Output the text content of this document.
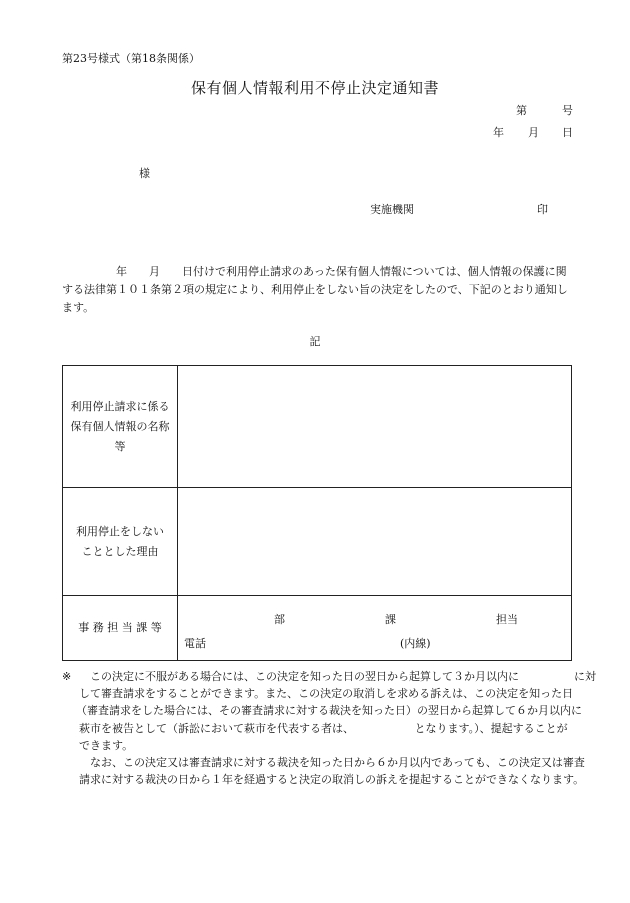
第23号様式（第18条関係）
保有個人情報利用不停止決定通知書
第	号
年 月 日
様
実施機関	印
年 月 日付けで利用停止請求のあった保有個人情報については、個人情報の保護に関
する法律第１０１条第２項の規定により、利用停止をしない旨の決定をしたので、下記のとおり通知し
ます。
記
利用停止請求に係る
保有個人情報の名称
等	

利用停止をしない
こととした理由	

事 務 担 当 課 等	部 課 担当
電話 (内線)
※	この決定に不服がある場合には、この決定を知った日の翌日から起算して３か月以内に　　　　　に対
して審査請求をすることができます。また、この決定の取消しを求める訴えは、この決定を知った日
（審査請求をした場合には、その審査請求に対する裁決を知った日）の翌日から起算して６か月以内に
萩市を被告として（訴訟において萩市を代表する者は、　　　　　　となります。）、提起することが
できます。
なお、この決定又は審査請求に対する裁決を知った日から６か月以内であっても、この決定又は審査
請求に対する裁決の日から１年を経過すると決定の取消しの訴えを提起することができなくなります。
